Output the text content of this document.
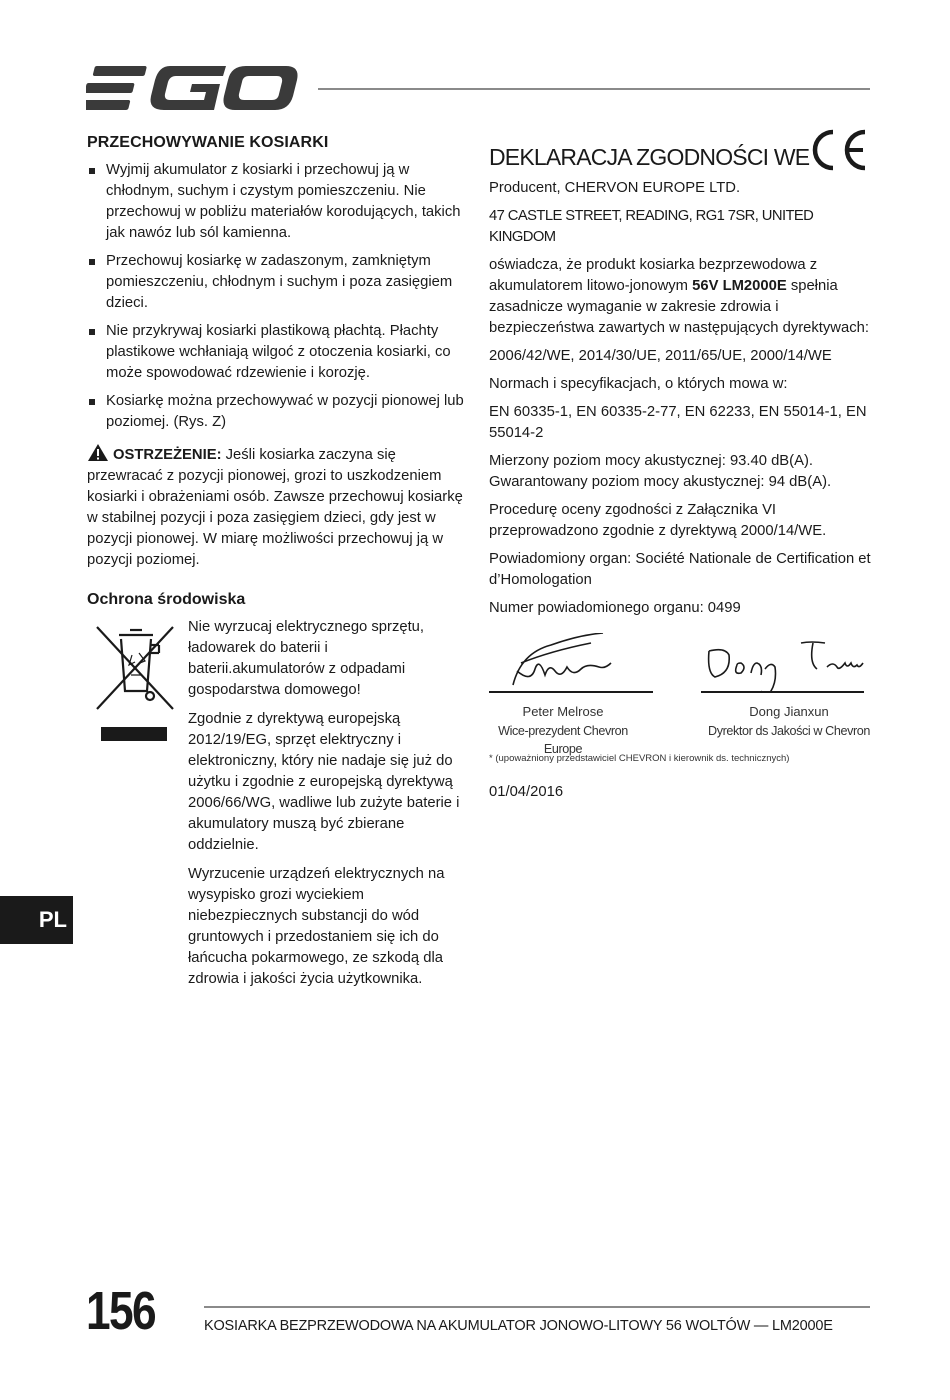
PRZECHOWYWANIE KOSIARKI
Wyjmij akumulator z kosiarki i przechowuj ją w chłodnym, suchym i czystym pomieszczeniu. Nie przechowuj w pobliżu materiałów korodujących, takich jak nawóz lub sól kamienna.
Przechowuj kosiarkę w zadaszonym, zamkniętym pomieszczeniu, chłodnym i suchym i poza zasięgiem dzieci.
Nie przykrywaj kosiarki plastikową płachtą. Płachty plastikowe wchłaniają wilgoć z otoczenia kosiarki, co może spowodować rdzewienie i korozję.
Kosiarkę można przechowywać w pozycji pionowej lub poziomej. (Rys. Z)
OSTRZEŻENIE: Jeśli kosiarka zaczyna się przewracać z pozycji pionowej, grozi to uszkodzeniem kosiarki i obrażeniami osób. Zawsze przechowuj kosiarkę w stabilnej pozycji i poza zasięgiem dzieci, gdy jest w pozycji pionowej. W miarę możliwości przechowuj ją w pozycji poziomej.
Ochrona środowiska

Nie wyrzucaj elektrycznego sprzętu, ładowarek do baterii i baterii.akumulatorów z odpadami gospodarstwa domowego!

Zgodnie z dyrektywą europejską 2012/19/EG, sprzęt elektryczny i elektroniczny, który nie nadaje się już do użytku i zgodnie z europejską dyrektywą 2006/66/WG, wadliwe lub zużyte baterie i akumulatory muszą być zbierane oddzielnie.

Wyrzucenie urządzeń elektrycznych na wysypisko grozi wyciekiem niebezpiecznych substancji do wód gruntowych i przedostaniem się ich do łańcucha pokarmowego, ze szkodą dla zdrowia i jakości życia użytkownika.

DEKLARACJA ZGODNOŚCI WE

Producent, CHERVON EUROPE LTD.

47 CASTLE STREET, READING, RG1 7SR, UNITED KINGDOM

oświadcza, że produkt kosiarka bezprzewodowa z akumulatorem litowo-jonowym 56V LM2000E spełnia zasadnicze wymaganie w zakresie zdrowia i bezpieczeństwa zawartych w następujących dyrektywach:

2006/42/WE, 2014/30/UE, 2011/65/UE, 2000/14/WE

Normach i specyfikacjach, o których mowa w:

EN 60335-1, EN 60335-2-77, EN 62233, EN 55014-1, EN 55014-2

Mierzony poziom mocy akustycznej: 93.40 dB(A).
Gwarantowany poziom mocy akustycznej: 94 dB(A).

Procedurę oceny zgodności z Załącznika VI przeprowadzono zgodnie z dyrektywą 2000/14/WE.

Powiadomiony organ: Société Nationale de Certification et d’Homologation

Numer powiadomionego organu: 0499

Peter Melrose
Wice-prezydent Chevron Europe
Dong Jianxun
Dyrektor ds Jakości w Chevron
* (upoważniony przedstawiciel CHEVRON i kierownik ds. technicznych)
01/04/2016
PL
156	KOSIARKA BEZPRZEWODOWA NA AKUMULATOR JONOWO-LITOWY 56 WOLTÓW — LM2000E
